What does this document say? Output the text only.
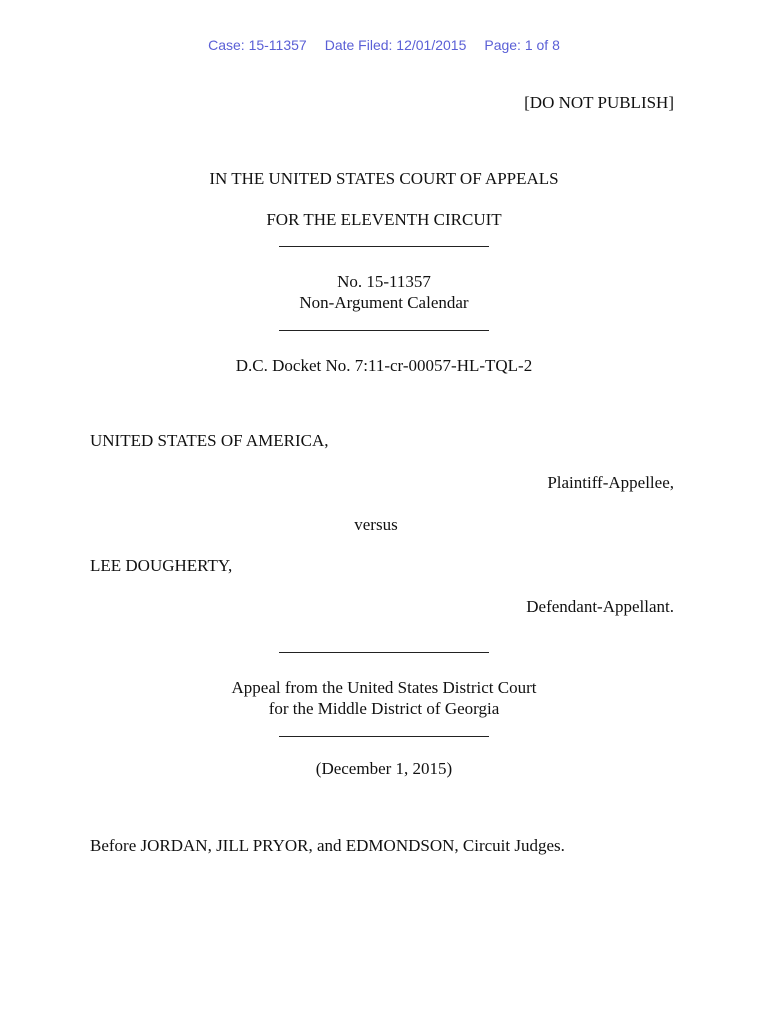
Case: 15-11357 Date Filed: 12/01/2015 Page: 1 of 8
[DO NOT PUBLISH]
IN THE UNITED STATES COURT OF APPEALS
FOR THE ELEVENTH CIRCUIT
No. 15-11357
Non-Argument Calendar
D.C. Docket No. 7:11-cr-00057-HL-TQL-2
UNITED STATES OF AMERICA,
Plaintiff-Appellee,
versus
LEE DOUGHERTY,
Defendant-Appellant.
Appeal from the United States District Court
for the Middle District of Georgia
(December 1, 2015)
Before JORDAN, JILL PRYOR, and EDMONDSON, Circuit Judges.
